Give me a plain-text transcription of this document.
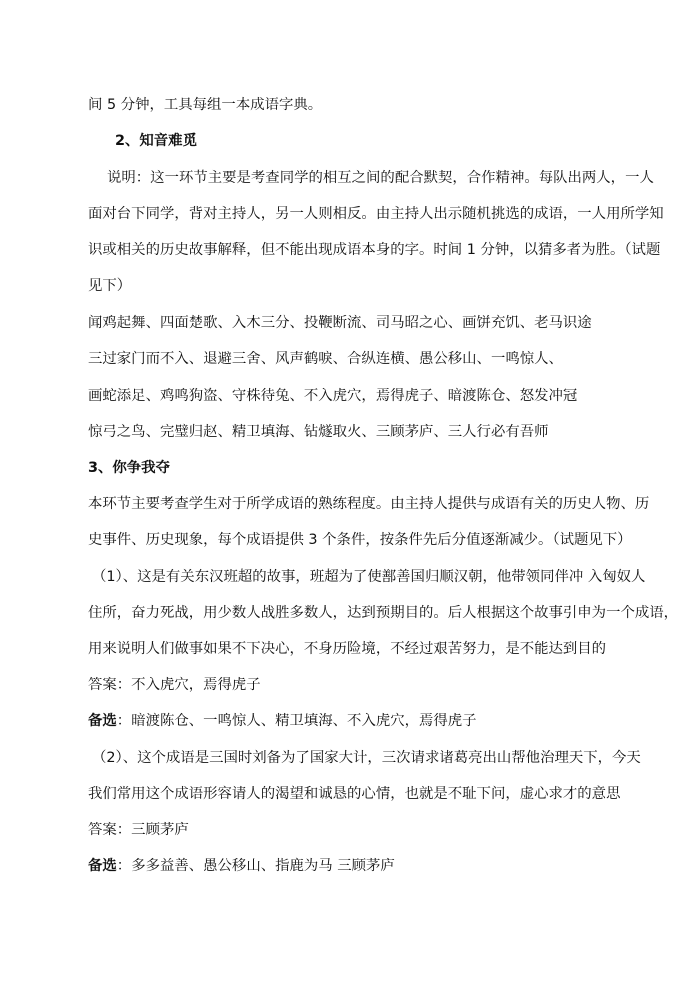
间 5 分钟，工具每组一本成语字典。
2、知音难觅
说明：这一环节主要是考查同学的相互之间的配合默契，合作精神。每队出两人，一人
面对台下同学，背对主持人，另一人则相反。由主持人出示随机挑选的成语，一人用所学知
识或相关的历史故事解释，但不能出现成语本身的字。时间 1 分钟，以猜多者为胜。（试题
见下）
闻鸡起舞、四面楚歌、入木三分、投鞭断流、司马昭之心、画饼充饥、老马识途
三过家门而不入、退避三舍、风声鹤唳、合纵连横、愚公移山、一鸣惊人、
画蛇添足、鸡鸣狗盗、守株待兔、不入虎穴，焉得虎子、暗渡陈仓、怒发冲冠
惊弓之鸟、完璧归赵、精卫填海、钻燧取火、三顾茅庐、三人行必有吾师
3、你争我夺
本环节主要考查学生对于所学成语的熟练程度。由主持人提供与成语有关的历史人物、历
史事件、历史现象，每个成语提供 3 个条件，按条件先后分值逐渐减少。（试题见下）
（1）、这是有关东汉班超的故事，班超为了使鄯善国归顺汉朝，他带领同伴冲 入匈奴人
住所，奋力死战，用少数人战胜多数人，达到预期目的。后人根据这个故事引申为一个成语，
用来说明人们做事如果不下决心，不身历险境，不经过艰苦努力，是不能达到目的
答案：不入虎穴，焉得虎子
备选：暗渡陈仓、一鸣惊人、精卫填海、不入虎穴，焉得虎子
（2）、这个成语是三国时刘备为了国家大计，三次请求诸葛亮出山帮他治理天下，今天
我们常用这个成语形容请人的渴望和诚恳的心情，也就是不耻下问，虚心求才的意思
答案：三顾茅庐
备选：多多益善、愚公移山、指鹿为马 三顾茅庐
